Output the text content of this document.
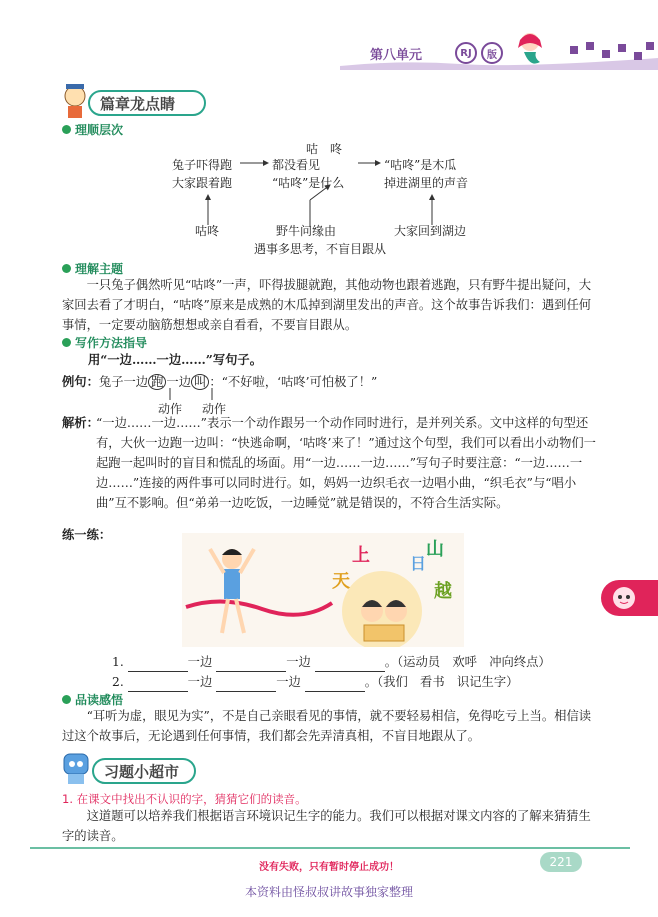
第八单元	RJ	版
篇章龙点睛
理顺层次
咕　咚
兔子吓得跑
大家跟着跑
都没看见
“咕咚”是什么
“咕咚”是木瓜
掉进湖里的声音
咕咚	野牛问缘由	大家回到湖边
遇事多思考，不盲目跟从
理解主题
一只兔子偶然听见“咕咚”一声，吓得拔腿就跑，其他动物也跟着逃跑，只有野牛提出疑问，大家回去看了才明白，“咕咚”原来是成熟的木瓜掉到湖里发出的声音。这个故事告诉我们：遇到任何事情，一定要动脑筋想想或亲自看看，不要盲目跟从。
写作方法指导
用“一边……一边……”写句子。
例句：兔子一边 跑 一边 叫 ：“不好啦，‘咕咚’可怕极了！”
动作 动作
解析：
“一边……一边……”表示一个动作跟另一个动作同时进行，是并列关系。文中这样的句型还有，大伙一边跑一边叫：“快逃命啊，‘咕咚’来了！”通过这个句型，我们可以看出小动物们一起跑一起叫时的盲目和慌乱的场面。用“一边……一边……”写句子时要注意：“一边……一边……”连接的两件事可以同时进行。如，妈妈一边织毛衣一边唱小曲，“织毛衣”与“唱小曲”互不影响。但“弟弟一边吃饭，一边睡觉”就是错误的，不符合生活实际。
练一练：
天
上	日
山
越
1.	一边	一边	。（运动员　欢呼　冲向终点）
2.	一边	一边	。（我们　看书　识记生字）
品读感悟
“耳听为虚，眼见为实”，不是自己亲眼看见的事情，就不要轻易相信，免得吃亏上当。相信读过这个故事后，无论遇到任何事情，我们都会先弄清真相，不盲目地跟从了。
习题小超市
1. 在课文中找出不认识的字，猜猜它们的读音。
这道题可以培养我们根据语言环境识记生字的能力。我们可以根据对课文内容的了解来猜猜生字的读音。
没有失败，只有暂时停止成功！	221
本资料由怪叔叔讲故事独家整理
